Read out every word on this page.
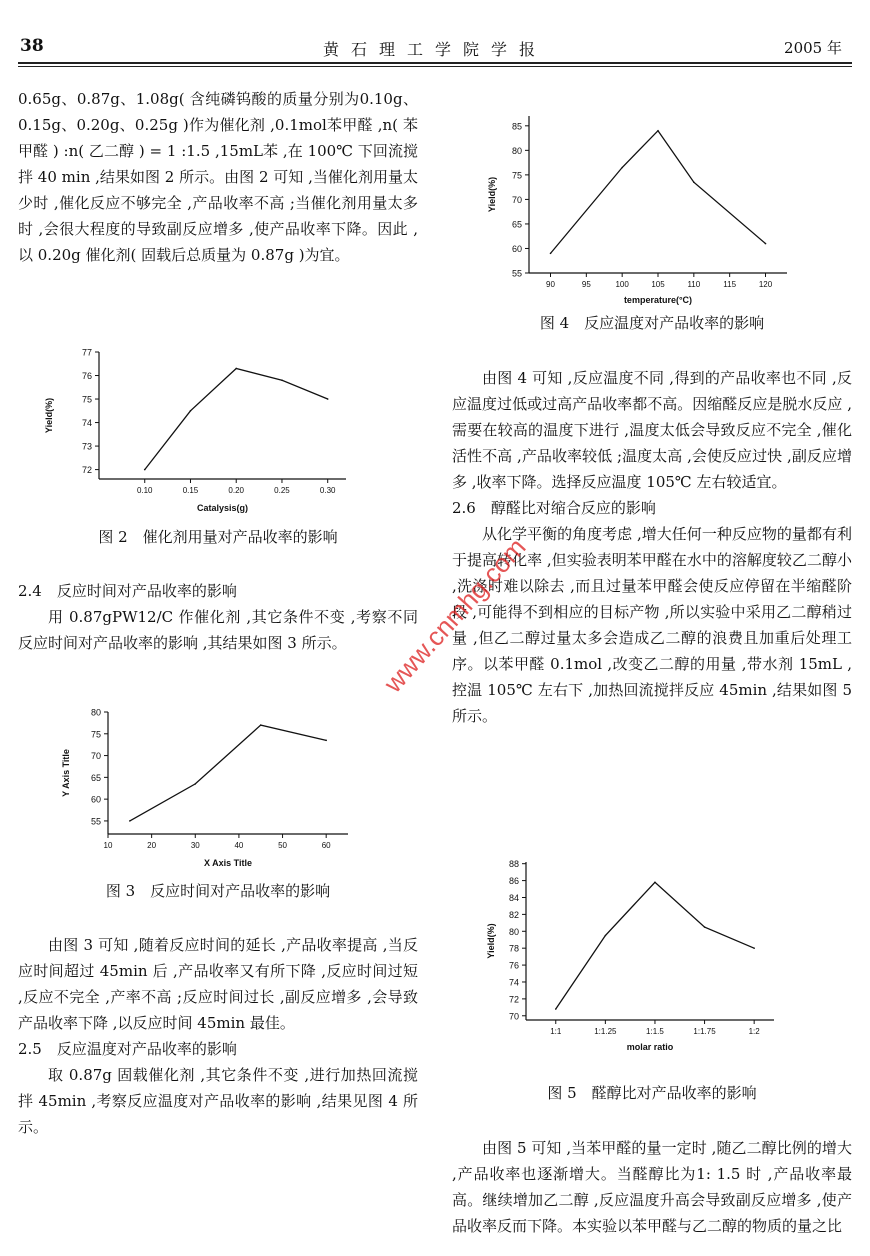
38	黄石理工学院学报	2005 年

0.65g、0.87g、1.08g( 含纯磷钨酸的质量分别为0.10g、0.15g、0.20g、0.25g )作为催化剂 ,0.1mol苯甲醛 ,n( 苯甲醛 ) :n( 乙二醇 ) = 1 :1.5 ,15mL苯 ,在 100℃ 下回流搅拌 40 min ,结果如图 2 所示。由图 2 可知 ,当催化剂用量太少时 ,催化反应不够完全 ,产品收率不高 ;当催化剂用量太多时 ,会很大程度的导致副反应增多 ,使产品收率下降。因此 ,以 0.20g 催化剂( 固载后总质量为 0.87g )为宜。

72
73
74
75
76
77
0.10	0.15	0.20	0.25	0.30
Catalysis(g)
Yield(%)

图 2　催化剂用量对产品收率的影响

2.4　反应时间对产品收率的影响

用 0.87gPW12/C 作催化剂 ,其它条件不变 ,考察不同反应时间对产品收率的影响 ,其结果如图 3 所示。

55
60
65
70
75
80
10	20	30	40	50	60
X Axis Title
Y Axis Title

图 3　反应时间对产品收率的影响

由图 3 可知 ,随着反应时间的延长 ,产品收率提高 ,当反应时间超过 45min 后 ,产品收率又有所下降 ,反应时间过短 ,反应不完全 ,产率不高 ;反应时间过长 ,副反应增多 ,会导致产品收率下降 ,以反应时间 45min 最佳。

2.5　反应温度对产品收率的影响

取 0.87g 固载催化剂 ,其它条件不变 ,进行加热回流搅拌 45min ,考察反应温度对产品收率的影响 ,结果见图 4 所示。

55
60
65
70
75
80
85
90	95	100	105	110	115	120
temperature(°C)
Yield(%)

图 4　反应温度对产品收率的影响

由图 4 可知 ,反应温度不同 ,得到的产品收率也不同 ,反应温度过低或过高产品收率都不高。因缩醛反应是脱水反应 ,需要在较高的温度下进行 ,温度太低会导致反应不完全 ,催化活性不高 ,产品收率较低 ;温度太高 ,会使反应过快 ,副反应增多 ,收率下降。选择反应温度 105℃ 左右较适宜。

2.6　醇醛比对缩合反应的影响

从化学平衡的角度考虑 ,增大任何一种反应物的量都有利于提高转化率 ,但实验表明苯甲醛在水中的溶解度较乙二醇小 ,洗涤时难以除去 ,而且过量苯甲醛会使反应停留在半缩醛阶段 ,可能得不到相应的目标产物 ,所以实验中采用乙二醇稍过量 ,但乙二醇过量太多会造成乙二醇的浪费且加重后处理工序。以苯甲醛 0.1mol ,改变乙二醇的用量 ,带水剂 15mL ,控温 105℃ 左右下 ,加热回流搅拌反应 45min ,结果如图 5 所示。

70
72
74
76
78
80
82
84
86
88
1:1	1:1.25	1:1.5	1:1.75	1:2
molar ratio
Yield(%)

图 5　醛醇比对产品收率的影响

由图 5 可知 ,当苯甲醛的量一定时 ,随乙二醇比例的增大 ,产品收率也逐渐增大。当醛醇比为1: 1.5 时 ,产品收率最高。继续增加乙二醇 ,反应温度升高会导致副反应增多 ,使产品收率反而下降。本实验以苯甲醛与乙二醇的物质的量之比

www.cnmhg.com
